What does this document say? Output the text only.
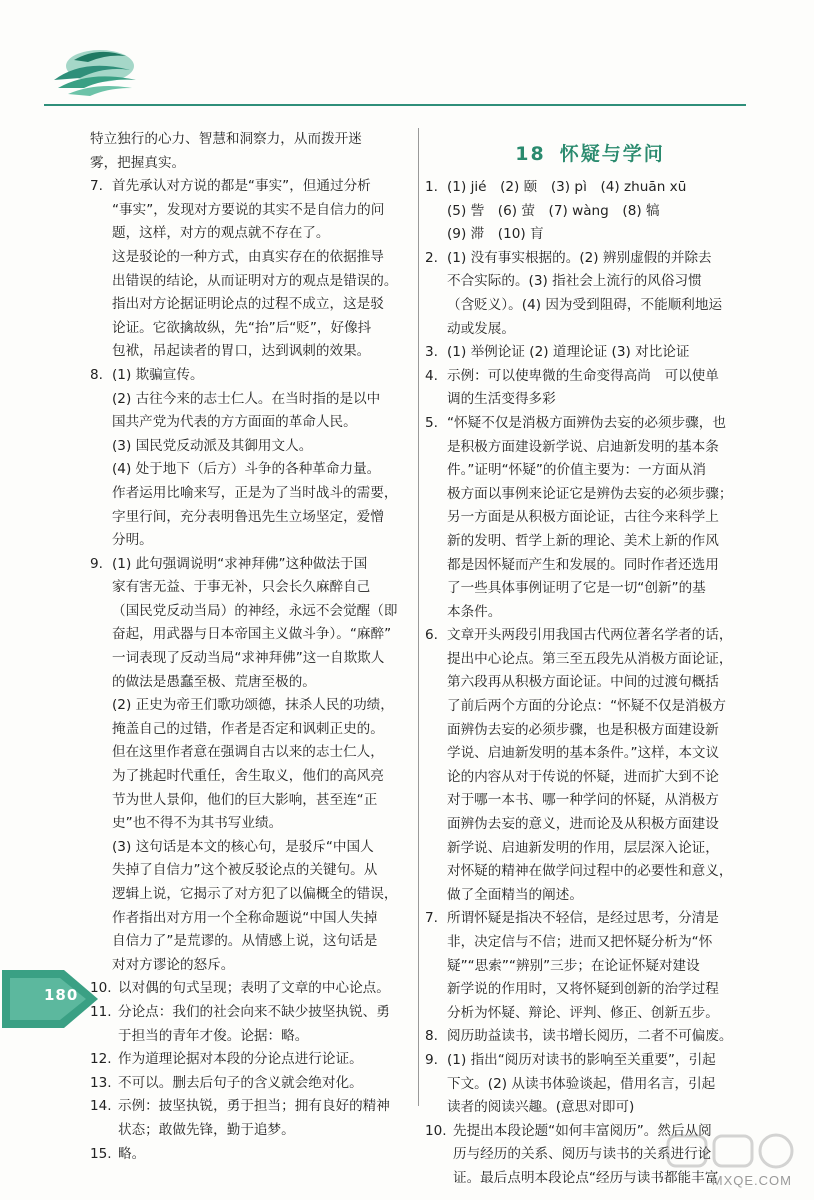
特立独行的心力、智慧和洞察力，从而拨开迷

雾，把握真实。

7. 首先承认对方说的都是“事实”，但通过分析
“事实”，发现对方要说的其实不是自信力的问
题，这样，对方的观点就不存在了。
这是驳论的一种方式，由真实存在的依据推导
出错误的结论，从而证明对方的观点是错误的。
指出对方论据证明论点的过程不成立，这是驳
论证。它欲擒故纵，先“抬”后“贬”，好像抖
包袱，吊起读者的胃口，达到讽刺的效果。
8. (1) 欺骗宣传。
(2) 古往今来的志士仁人。在当时指的是以中
国共产党为代表的方方面面的革命人民。
(3) 国民党反动派及其御用文人。
(4) 处于地下（后方）斗争的各种革命力量。
作者运用比喻来写，正是为了当时战斗的需要，
字里行间，充分表明鲁迅先生立场坚定，爱憎
分明。
9. (1) 此句强调说明“求神拜佛”这种做法于国
家有害无益、于事无补，只会长久麻醉自己
（国民党反动当局）的神经，永远不会觉醒（即
奋起，用武器与日本帝国主义做斗争）。“麻醉”
一词表现了反动当局“求神拜佛”这一自欺欺人
的做法是愚蠢至极、荒唐至极的。
(2) 正史为帝王们歌功颂德，抹杀人民的功绩，
掩盖自己的过错，作者是否定和讽刺正史的。
但在这里作者意在强调自古以来的志士仁人，
为了挑起时代重任，舍生取义，他们的高风亮
节为世人景仰，他们的巨大影响，甚至连“正
史”也不得不为其书写业绩。
(3) 这句话是本文的核心句，是驳斥“中国人
失掉了自信力”这个被反驳论点的关键句。从
逻辑上说，它揭示了对方犯了以偏概全的错误，
作者指出对方用一个全称命题说“中国人失掉
自信力了”是荒谬的。从情感上说，这句话是
对对方谬论的怒斥。
10. 以对偶的句式呈现；表明了文章的中心论点。
11. 分论点：我们的社会向来不缺少披坚执锐、勇
于担当的青年才俊。论据：略。
12. 作为道理论据对本段的分论点进行论证。
13. 不可以。删去后句子的含义就会绝对化。
14. 示例：披坚执锐，勇于担当；拥有良好的精神
状态；敢做先锋，勤于追梦。
15. 略。
18 怀疑与学问
1. (1) jié　 (2) 颐　 (3) pì　 (4) zhuān xū
(5) 訾　 (6) 萤　 (7) wàng　 (8) 犒
(9) 滞　 (10) 肓
2. (1) 没有事实根据的。(2) 辨别虚假的并除去
不合实际的。(3) 指社会上流行的风俗习惯
（含贬义）。(4) 因为受到阻碍，不能顺利地运
动或发展。
3. (1) 举例论证 (2) 道理论证 (3) 对比论证
4. 示例：可以使卑微的生命变得高尚　可以使单
调的生活变得多彩
5. “怀疑不仅是消极方面辨伪去妄的必须步骤，也
是积极方面建设新学说、启迪新发明的基本条
件。”证明“怀疑”的价值主要为：一方面从消
极方面以事例来论证它是辨伪去妄的必须步骤；
另一方面是从积极方面论证，古往今来科学上
新的发明、哲学上新的理论、美术上新的作风
都是因怀疑而产生和发展的。同时作者还选用
了一些具体事例证明了它是一切“创新”的基
本条件。
6. 文章开头两段引用我国古代两位著名学者的话，
提出中心论点。第三至五段先从消极方面论证，
第六段再从积极方面论证。中间的过渡句概括
了前后两个方面的分论点：“怀疑不仅是消极方
面辨伪去妄的必须步骤，也是积极方面建设新
学说、启迪新发明的基本条件。”这样，本文议
论的内容从对于传说的怀疑，进而扩大到不论
对于哪一本书、哪一种学问的怀疑，从消极方
面辨伪去妄的意义，进而论及从积极方面建设
新学说、启迪新发明的作用，层层深入论证，
对怀疑的精神在做学问过程中的必要性和意义，
做了全面精当的阐述。
7. 所谓怀疑是指决不轻信，是经过思考，分清是
非，决定信与不信；进而又把怀疑分析为“怀
疑”“思索”“辨别”三步；在论证怀疑对建设
新学说的作用时，又将怀疑到创新的治学过程
分析为怀疑、辩论、评判、修正、创新五步。
8. 阅历助益读书，读书增长阅历，二者不可偏废。
9. (1) 指出“阅历对读书的影响至关重要”，引起
下文。(2) 从读书体验谈起，借用名言，引起
读者的阅读兴趣。(意思对即可)
10. 先提出本段论题“如何丰富阅历”。然后从阅
历与经历的关系、阅历与读书的关系进行论
证。最后点明本段论点“经历与读书都能丰富
180
MXQE.COM
